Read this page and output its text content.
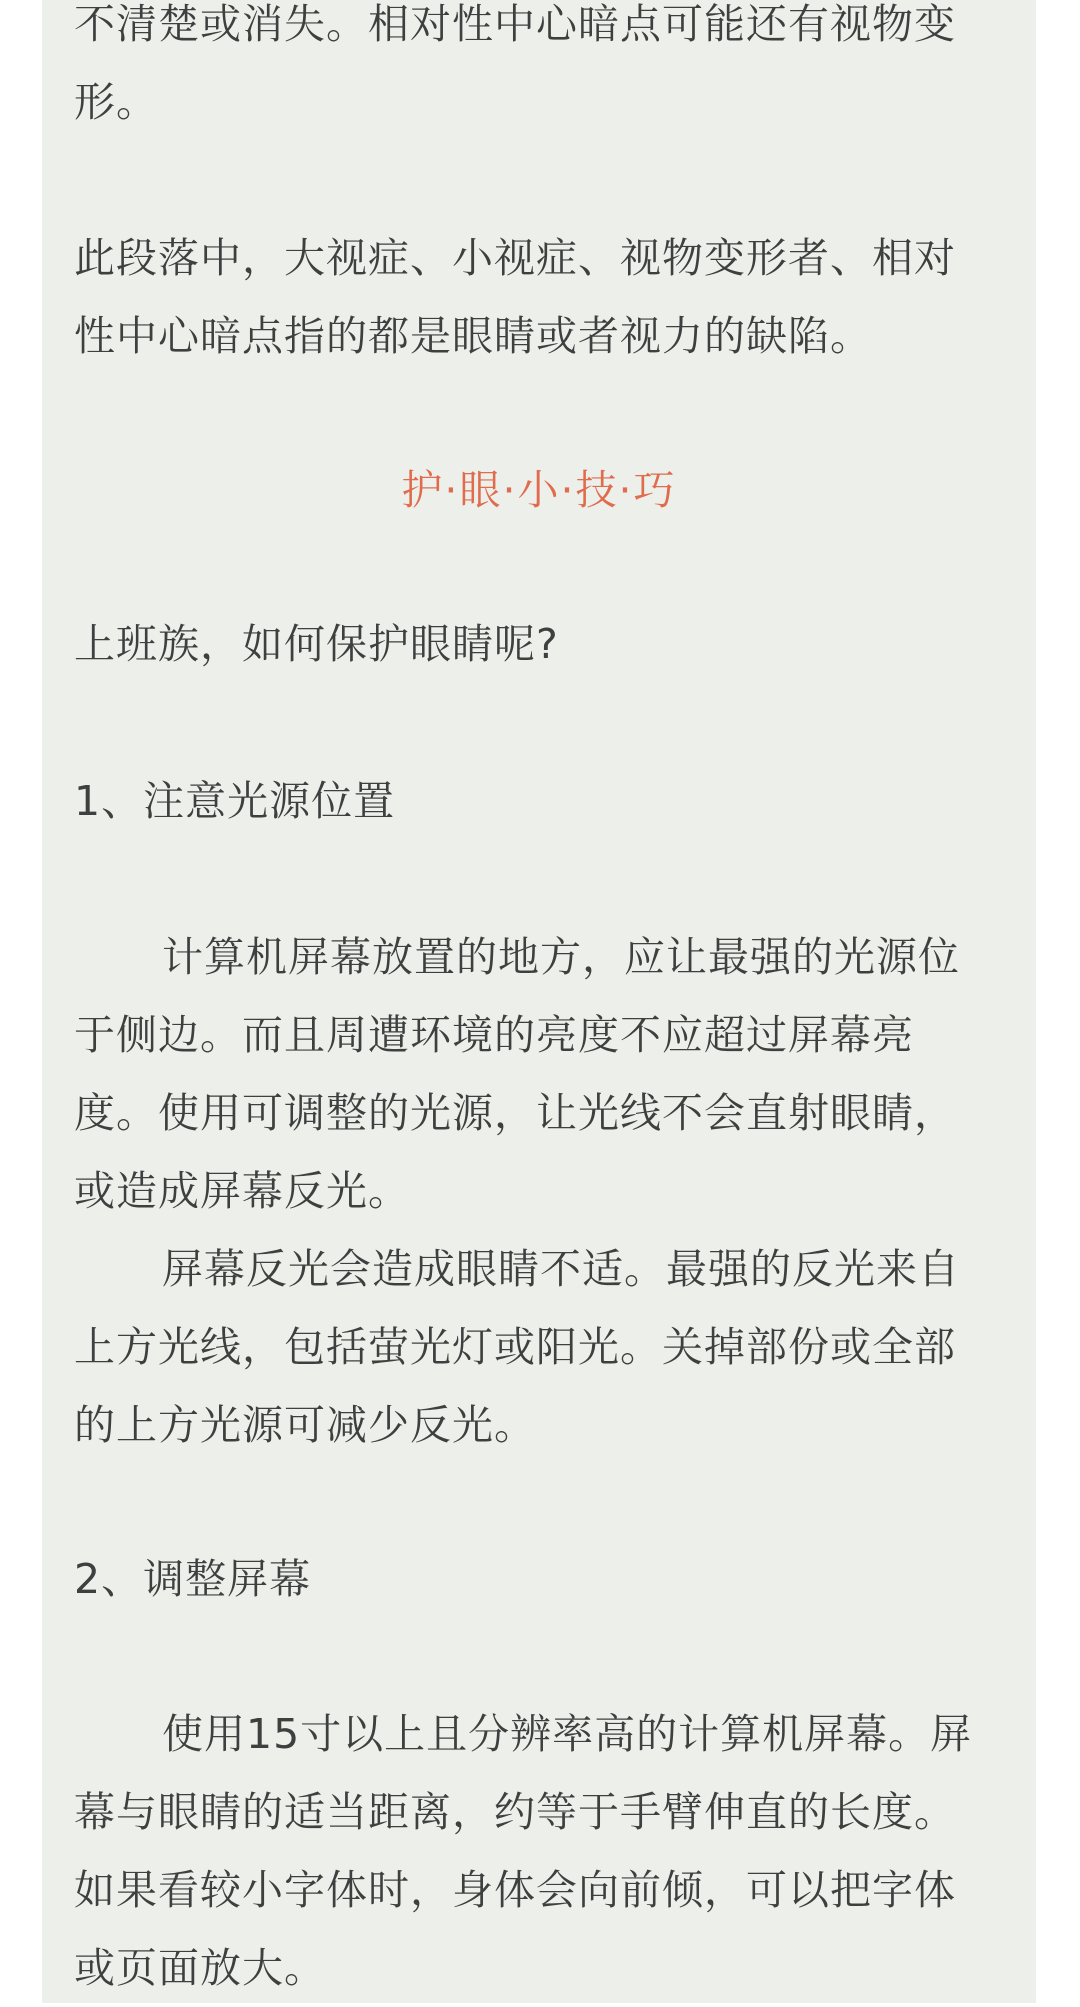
不清楚或消失。相对性中心暗点可能还有视物变
形。
此段落中，大视症、小视症、视物变形者、相对
性中心暗点指的都是眼睛或者视力的缺陷。
护·眼·小·技·巧
上班族，如何保护眼睛呢?
1、注意光源位置
计算机屏幕放置的地方，应让最强的光源位
于侧边。而且周遭环境的亮度不应超过屏幕亮
度。使用可调整的光源，让光线不会直射眼睛，
或造成屏幕反光。
屏幕反光会造成眼睛不适。最强的反光来自
上方光线，包括萤光灯或阳光。关掉部份或全部
的上方光源可减少反光。
2、调整屏幕
使用15寸以上且分辨率高的计算机屏幕。屏
幕与眼睛的适当距离，约等于手臂伸直的长度。
如果看较小字体时，身体会向前倾，可以把字体
或页面放大。
